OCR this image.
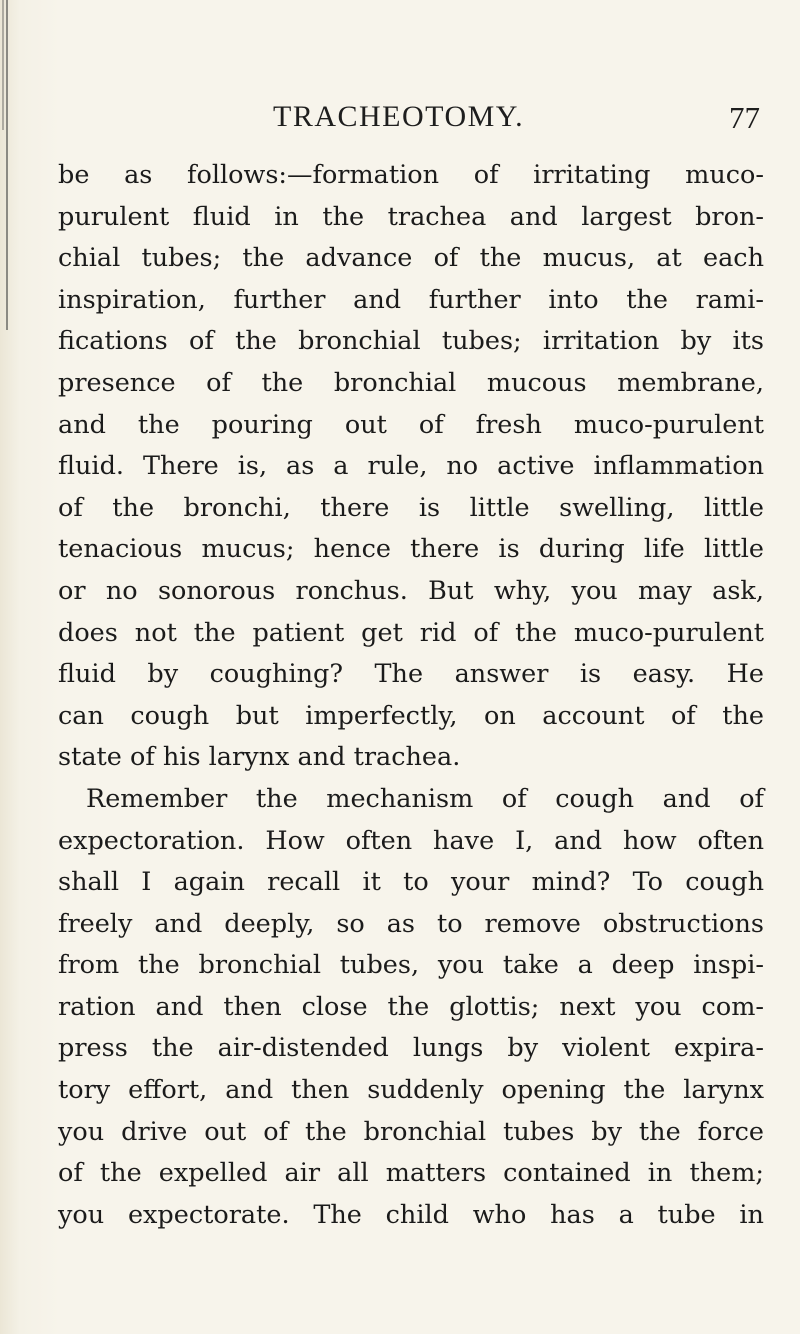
TRACHEOTOMY.	77
be as follows:—formation of irritating muco-
purulent fluid in the trachea and largest bron-
chial tubes; the advance of the mucus, at each
inspiration, further and further into the rami-
fications of the bronchial tubes; irritation by its
presence of the bronchial mucous membrane,
and the pouring out of fresh muco-purulent
fluid. There is, as a rule, no active inflammation
of the bronchi, there is little swelling, little
tenacious mucus; hence there is during life little
or no sonorous ronchus. But why, you may ask,
does not the patient get rid of the muco-purulent
fluid by coughing? The answer is easy. He
can cough but imperfectly, on account of the
state of his larynx and trachea.
Remember the mechanism of cough and of
expectoration. How often have I, and how often
shall I again recall it to your mind? To cough
freely and deeply, so as to remove obstructions
from the bronchial tubes, you take a deep inspi-
ration and then close the glottis; next you com-
press the air-distended lungs by violent expira-
tory effort, and then suddenly opening the larynx
you drive out of the bronchial tubes by the force
of the expelled air all matters contained in them;
you expectorate. The child who has a tube in
